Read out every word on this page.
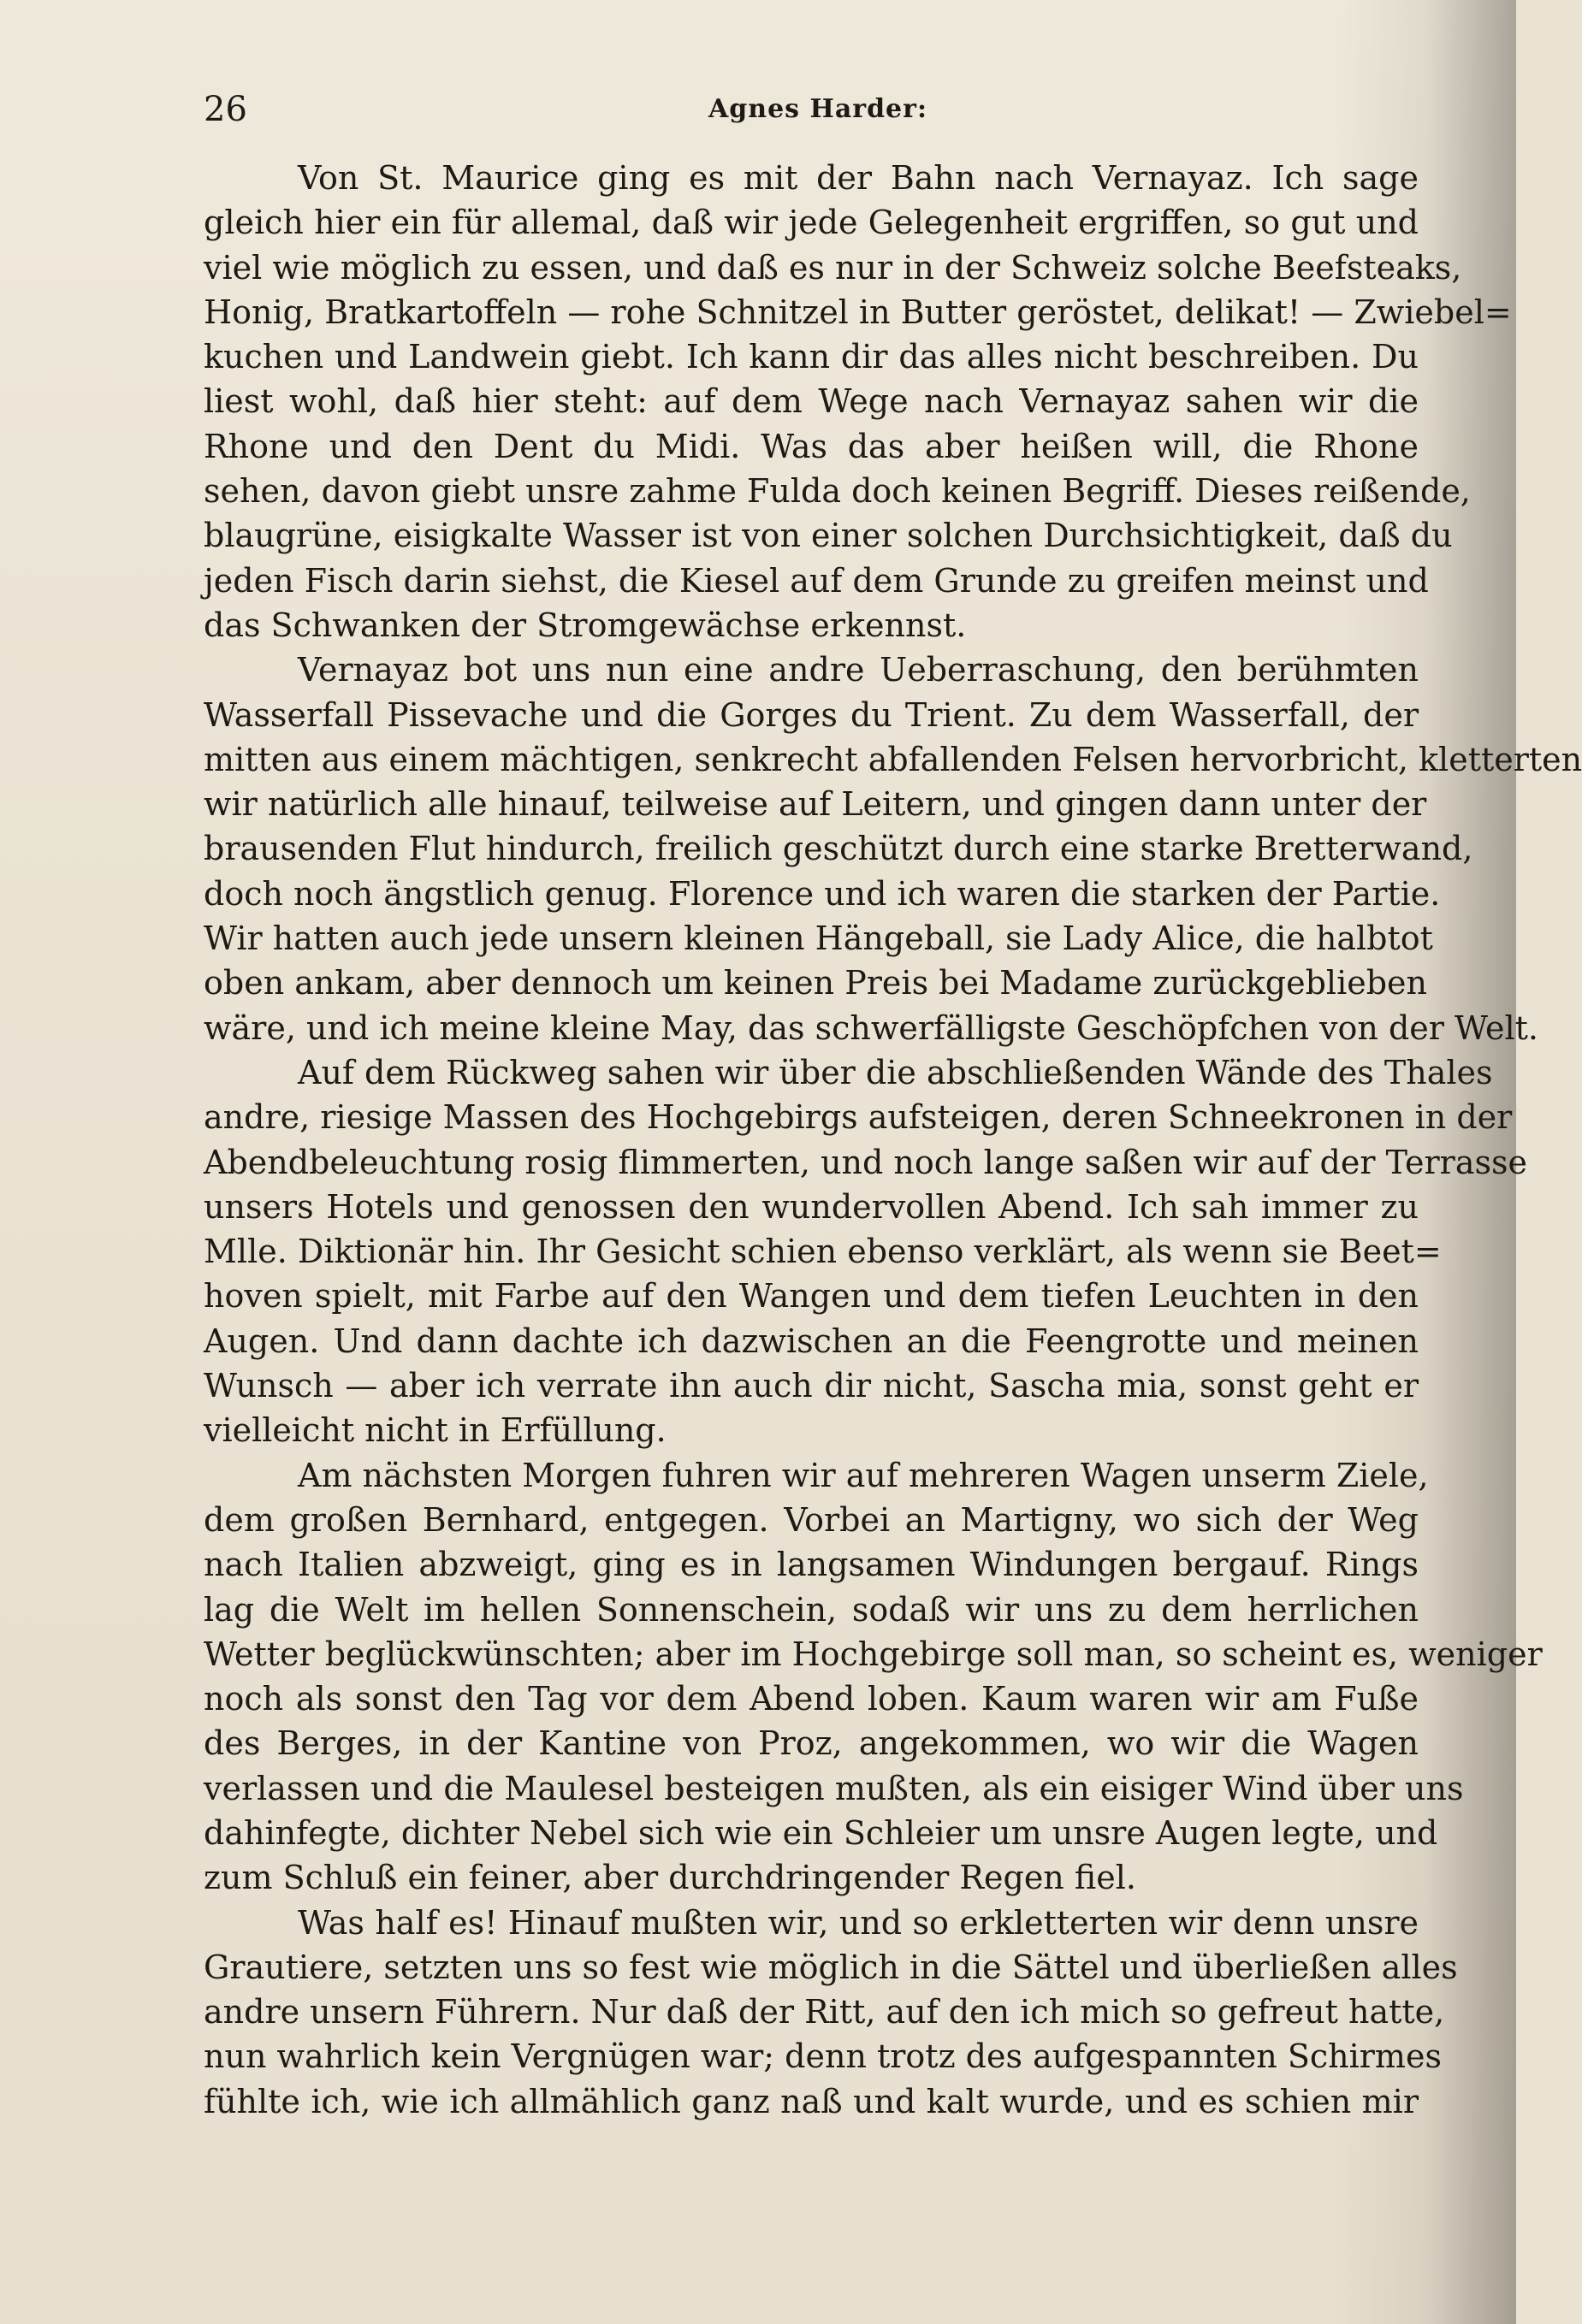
26	Agnes Harder:
Von St. Maurice ging es mit der Bahn nach Vernayaz. Ich sage
gleich hier ein für allemal, daß wir jede Gelegenheit ergriffen, so gut und
viel wie möglich zu essen, und daß es nur in der Schweiz solche Beefsteaks,
Honig, Bratkartoffeln — rohe Schnitzel in Butter geröstet, delikat! — Zwiebel=
kuchen und Landwein giebt. Ich kann dir das alles nicht beschreiben. Du
liest wohl, daß hier steht: auf dem Wege nach Vernayaz sahen wir die
Rhone und den Dent du Midi. Was das aber heißen will, die Rhone
sehen, davon giebt unsre zahme Fulda doch keinen Begriff. Dieses reißende,
blaugrüne, eisigkalte Wasser ist von einer solchen Durchsichtigkeit, daß du
jeden Fisch darin siehst, die Kiesel auf dem Grunde zu greifen meinst und
das Schwanken der Stromgewächse erkennst.
Vernayaz bot uns nun eine andre Ueberraschung, den berühmten
Wasserfall Pissevache und die Gorges du Trient. Zu dem Wasserfall, der
mitten aus einem mächtigen, senkrecht abfallenden Felsen hervorbricht, kletterten
wir natürlich alle hinauf, teilweise auf Leitern, und gingen dann unter der
brausenden Flut hindurch, freilich geschützt durch eine starke Bretterwand,
doch noch ängstlich genug. Florence und ich waren die starken der Partie.
Wir hatten auch jede unsern kleinen Hängeball, sie Lady Alice, die halbtot
oben ankam, aber dennoch um keinen Preis bei Madame zurückgeblieben
wäre, und ich meine kleine May, das schwerfälligste Geschöpfchen von der Welt.
Auf dem Rückweg sahen wir über die abschließenden Wände des Thales
andre, riesige Massen des Hochgebirgs aufsteigen, deren Schneekronen in der
Abendbeleuchtung rosig flimmerten, und noch lange saßen wir auf der Terrasse
unsers Hotels und genossen den wundervollen Abend. Ich sah immer zu
Mlle. Diktionär hin. Ihr Gesicht schien ebenso verklärt, als wenn sie Beet=
hoven spielt, mit Farbe auf den Wangen und dem tiefen Leuchten in den
Augen. Und dann dachte ich dazwischen an die Feengrotte und meinen
Wunsch — aber ich verrate ihn auch dir nicht, Sascha mia, sonst geht er
vielleicht nicht in Erfüllung.
Am nächsten Morgen fuhren wir auf mehreren Wagen unserm Ziele,
dem großen Bernhard, entgegen. Vorbei an Martigny, wo sich der Weg
nach Italien abzweigt, ging es in langsamen Windungen bergauf. Rings
lag die Welt im hellen Sonnenschein, sodaß wir uns zu dem herrlichen
Wetter beglückwünschten; aber im Hochgebirge soll man, so scheint es, weniger
noch als sonst den Tag vor dem Abend loben. Kaum waren wir am Fuße
des Berges, in der Kantine von Proz, angekommen, wo wir die Wagen
verlassen und die Maulesel besteigen mußten, als ein eisiger Wind über uns
dahinfegte, dichter Nebel sich wie ein Schleier um unsre Augen legte, und
zum Schluß ein feiner, aber durchdringender Regen fiel.
Was half es! Hinauf mußten wir, und so erkletterten wir denn unsre
Grautiere, setzten uns so fest wie möglich in die Sättel und überließen alles
andre unsern Führern. Nur daß der Ritt, auf den ich mich so gefreut hatte,
nun wahrlich kein Vergnügen war; denn trotz des aufgespannten Schirmes
fühlte ich, wie ich allmählich ganz naß und kalt wurde, und es schien mir
